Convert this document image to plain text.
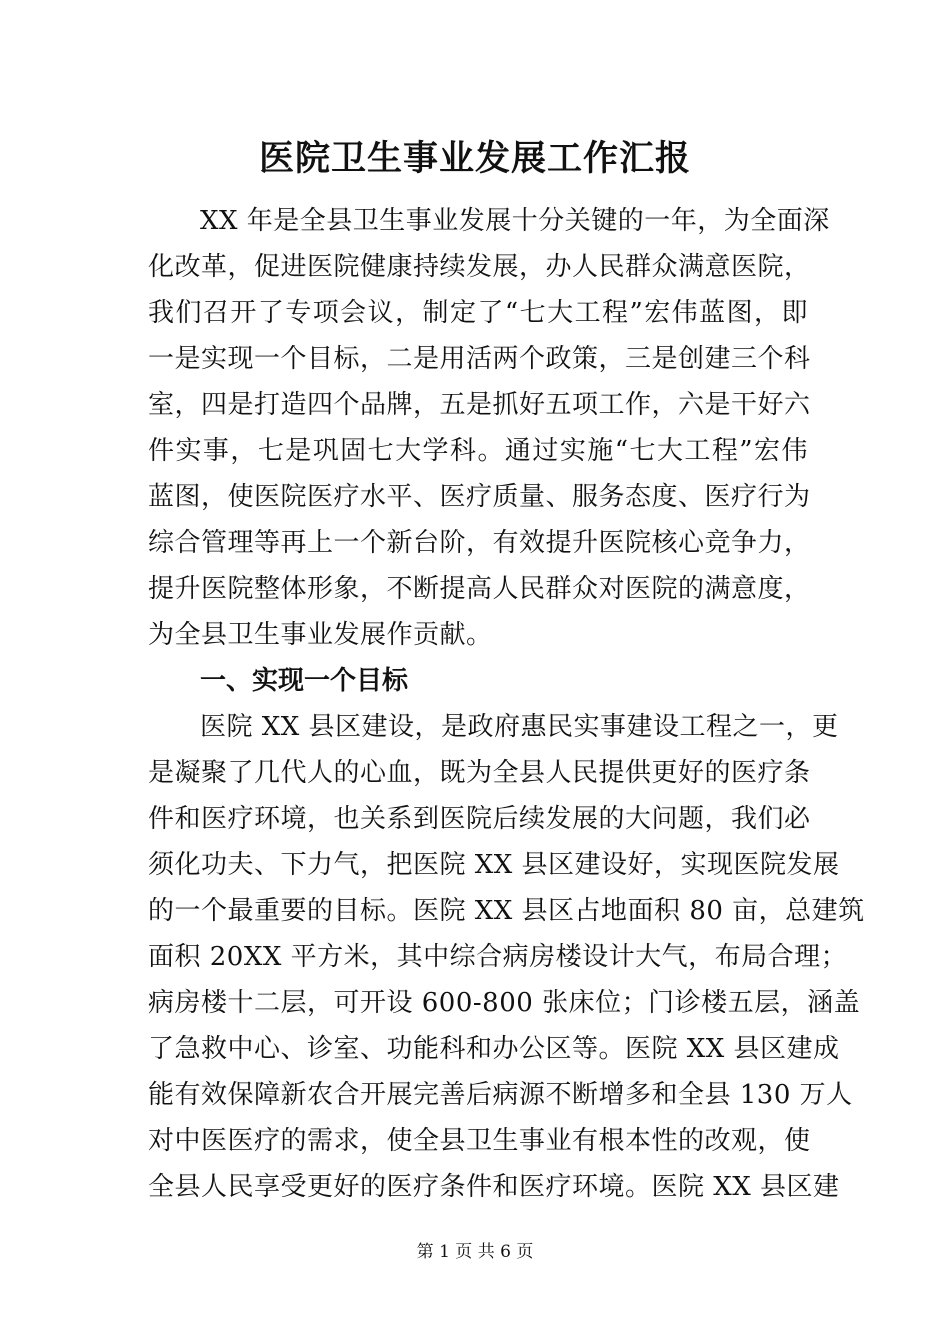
医院卫生事业发展工作汇报
XX 年是全县卫生事业发展十分关键的一年，为全面深
化改革，促进医院健康持续发展，办人民群众满意医院，
我们召开了专项会议，制定了“七大工程”宏伟蓝图，即
一是实现一个目标，二是用活两个政策，三是创建三个科
室，四是打造四个品牌，五是抓好五项工作，六是干好六
件实事，七是巩固七大学科。通过实施“七大工程”宏伟
蓝图，使医院医疗水平、医疗质量、服务态度、医疗行为
综合管理等再上一个新台阶，有效提升医院核心竞争力，
提升医院整体形象，不断提高人民群众对医院的满意度，
为全县卫生事业发展作贡献。
一、实现一个目标
医院 XX 县区建设，是政府惠民实事建设工程之一，更
是凝聚了几代人的心血，既为全县人民提供更好的医疗条
件和医疗环境，也关系到医院后续发展的大问题，我们必
须化功夫、下力气，把医院 XX 县区建设好，实现医院发展
的一个最重要的目标。医院 XX 县区占地面积 80 亩，总建筑
面积 20XX 平方米，其中综合病房楼设计大气，布局合理；
病房楼十二层，可开设 600-800 张床位；门诊楼五层，涵盖
了急救中心、诊室、功能科和办公区等。医院 XX 县区建成
能有效保障新农合开展完善后病源不断增多和全县 130 万人
对中医医疗的需求，使全县卫生事业有根本性的改观，使
全县人民享受更好的医疗条件和医疗环境。医院 XX 县区建
第 1 页 共 6 页
